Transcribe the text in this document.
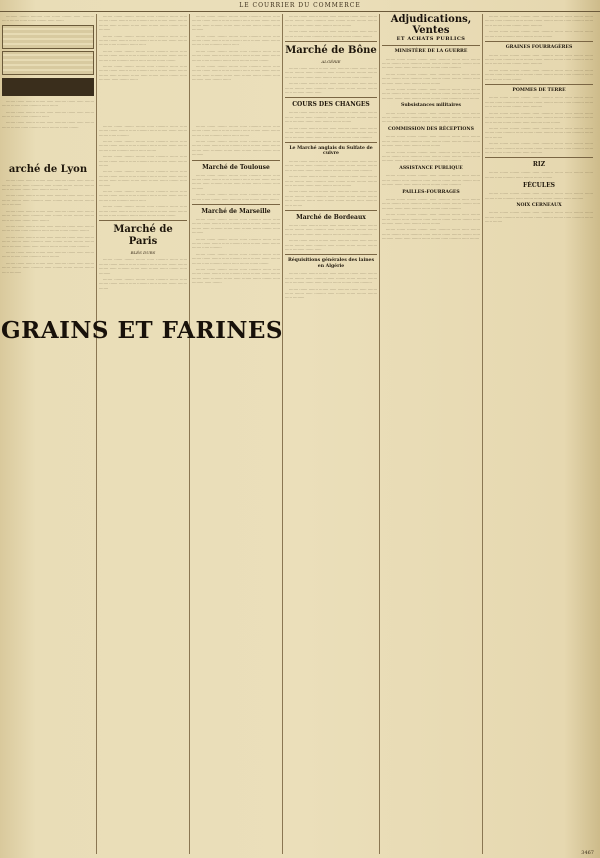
LE COURRIER DU COMMERCE

.......... ........ .......... ..... ....... ........ ...... .......... ...... ........ ...... ....... ........ ...... .......

........ ....... ........ ........ ...... .......... ....... ...... ........ ....... ........ ...... .......... ...... .......

........ ....... ........ ........ ...... .......... ....... ...... ........ ....... ........ ...... .......... ......

........ ....... ........ ........ ...... .......... ....... ...... ........ ....... ........ ...... .......... ...... ........ ....... ........

arché de Lyon

........ ....... ........ ........ ...... .......... ....... ...... ........ ....... ........ ...... .......... ...... ........ ....... ........ ........ ...... .......... ....... ...... ........ ....... ........

........ ....... ........ ........ ...... .......... ....... ...... ........ ....... ........ ...... .......... ...... ........ ....... ........ ........ ...... ..........

........ ....... ........ ........ ...... .......... ....... ...... ........ ....... ........ ...... .......... ...... ........ ....... ........ ........ ...... .......... ....... ...... ........

........ ....... ........ ........ ...... .......... ....... ...... ........ ....... ........ ...... .......... ...... ........ ....... ........ ........

........ ....... ........ ........ ...... .......... ....... ...... ........ ....... ........ ...... .......... ...... ........ ....... ........ ........ ...... .......... ....... ...... ........ ....... ........ ...... ..........

........ ....... ........ ........ ...... .......... ....... ...... ........ ....... ........ ...... .......... ...... ........

........ ....... ........ ........ ...... .......... ....... ...... ........ ....... ........ ...... .......... ...... ........ ....... ........ ........ ...... ..........

........ ....... ........ ........ ...... .......... ....... ...... ........ ....... ........ ...... .......... ...... ........ ....... ........ ........ ...... .......... ....... ...... ........ ....... ........ ...... ..........

........ ....... ........ ........ ...... .......... ....... ...... ........ ....... ........ ...... .......... ...... ........ ....... ........ ........ ...... .......... ....... ......

........ ....... ........ ........ ...... .......... ....... ...... ........ ....... ........ ...... .......... ...... ........ ....... ........ ........ ...... .......... ....... ...... ........ ....... ........

........ ....... ........ ........ ...... .......... ....... ...... ........ ....... ........ ...... .......... ...... ........ ....... ........ ........ ...... .......... ....... ...... ........ ....... ........ ...... .......... ...... ........ .......

........ ....... ........ ........ ...... .......... ....... ...... ........ ....... ........ ...... .......... ...... ........ ....... ........ ........ ...... ..........

........ ....... ........ ........ ...... .......... ....... ...... ........ ....... ........ ...... .......... ...... ........ ....... ........ ........ ...... .......... ....... ...... ........

........ ....... ........ ........ ...... .......... ....... ...... ........ ....... ........ ...... .......... ...... ........ ....... ........ ........

........ ....... ........ ........ ...... .......... ....... ...... ........ ....... ........ ...... .......... ...... ........ ....... ........ ........ ...... .......... ....... ...... ........ ....... ........ ...... ..........

........ ....... ........ ........ ...... .......... ....... ...... ........ ....... ........ ...... .......... ...... ........ ....... ........ ........ ...... .......... ....... ......

........ ....... ........ ........ ...... .......... ....... ...... ........ ....... ........ ...... .......... ...... ........ ....... ........ ........ ...... .......... ....... ...... ........ ....... ........

Marché de Paris
BLÉS DURS

........ ....... ........ ........ ...... .......... ....... ...... ........ ....... ........ ...... .......... ...... ........ ....... ........ ........ ...... .......... ....... ...... ........ ....... ........ ...... ..........

........ ....... ........ ........ ...... .......... ....... ...... ........ ....... ........ ...... .......... ...... ........ ....... ........ ........

........ ....... ........ ........ ...... .......... ....... ...... ........ ....... ........ ...... .......... ...... ........ ....... ........ ........ ...... .......... ....... ...... ........ ....... ........ ...... ..........

........ ....... ........ ........ ...... .......... ....... ...... ........ ....... ........ ...... .......... ...... ........ ....... ........ ........ ...... .......... ....... ......

........ ....... ........ ........ ...... .......... ....... ...... ........ ....... ........ ...... .......... ...... ........ ....... ........ ........ ...... .......... ....... ...... ........ ....... ........

........ ....... ........ ........ ...... .......... ....... ...... ........ ....... ........ ...... .......... ...... ........ ....... ........ ........ ...... .......... ....... ...... ........ ....... ........ ...... .......... ...... ........ .......

........ ....... ........ ........ ...... .......... ....... ...... ........ ....... ........ ...... .......... ...... ........ ....... ........ ........ ...... .......... ....... ...... ........

........ ....... ........ ........ ...... .......... ....... ...... ........ ....... ........ ...... .......... ...... ........ ....... ........ ........ ...... .......... ....... ...... ........ ....... ........ ...... ..........

Marché de Toulouse

........ ....... ........ ........ ...... .......... ....... ...... ........ ....... ........ ...... .......... ...... ........ ....... ........ ........ ...... .......... ....... ...... ........ ....... ........ ...... ..........

........ ....... ........ ........ ...... .......... ....... ...... ........ ....... ........ ...... .......... ...... ........ ....... ........

Marché de Marseille

........ ....... ........ ........ ...... .......... ....... ...... ........ ....... ........ ...... .......... ...... ........ ....... ........ ........ ...... .......... ....... ...... ........ ....... ........ ...... ..........

........ ....... ........ ........ ...... .......... ....... ...... ........ ....... ........ ...... .......... ...... ........ ....... ........ ........ ...... ..........

........ ....... ........ ........ ...... .......... ....... ...... ........ ....... ........ ...... .......... ...... ........ ....... ........ ........ ...... .......... ....... ...... ........ ....... ........

........ ....... ........ ........ ...... .......... ....... ...... ........ ....... ........ ...... .......... ...... ........ ....... ........ ........ ...... .......... ....... ...... ........ ....... ........ ...... .......... ...... ........

........ ....... ........ ........ ...... .......... ....... ...... ........ ....... ........ ...... .......... ...... ........ ....... ........ ........ ...... .......... ....... ...... ........ ....... ........

........ ....... ........ ........ ...... .......... ....... ...... ........ ....... ........ ...... .......... ...... ........ ....... ........ ........

Marché de Bône
ALGÉRIE

........ ....... ........ ........ ...... .......... ....... ...... ........ ....... ........ ...... .......... ...... ........ ....... ........ ........ ...... .......... ....... ...... ........ ....... ........ ...... ..........

........ ....... ........ ........ ...... .......... ....... ...... ........ ....... ........ ...... .......... ...... ........ ....... ........ ........ ...... .......... ....... ......

COURS DES CHANGES

........ ....... ........ ........ ...... .......... ....... ...... ........ ....... ........ ...... .......... ...... ........ ....... ........ ........ ...... .......... ....... ...... ........ ....... ........

........ ....... ........ ........ ...... .......... ....... ...... ........ ....... ........ ...... .......... ...... ........ ....... ........ ........ ...... .......... ....... ...... ........ ....... ........ ...... ..........

Le Marché anglais du Sulfate de cuivre

........ ....... ........ ........ ...... .......... ....... ...... ........ ....... ........ ...... .......... ...... ........ ....... ........ ........ ...... .......... ....... ...... ........ ....... ........ ...... ..........

........ ....... ........ ........ ...... .......... ....... ...... ........ ....... ........ ...... .......... ...... ........ ....... ........ ........ ...... .......... ....... ...... ........ ....... ........

........ ....... ........ ........ ...... .......... ....... ...... ........ ....... ........ ...... .......... ...... ........ ....... ........ ........ ...... .......... ....... ...... ........ ....... ........ ...... .......... ...... ........

Marché de Bordeaux

........ ....... ........ ........ ...... .......... ....... ...... ........ ....... ........ ...... .......... ...... ........ ....... ........ ........ ...... .......... ....... ...... ........ ....... ........ ...... ..........

........ ....... ........ ........ ...... .......... ....... ...... ........ ....... ........ ...... .......... ...... ........ ....... ........ ........ ...... .......... ....... ......

Réquisitions générales des laines en Algérie

........ ....... ........ ........ ...... .......... ....... ...... ........ ....... ........ ...... .......... ...... ........ ....... ........ ........ ...... .......... ....... ...... ........ ....... ........ ...... ..........

........ ....... ........ ........ ...... .......... ....... ...... ........ ....... ........ ...... .......... ...... ........ ....... ........ ........ ...... ..........

Adjudications, Ventes
ET ACHATS PUBLICS
MINISTÈRE DE LA GUERRE

........ ....... ........ ........ ...... .......... ....... ...... ........ ....... ........ ...... .......... ...... ........ ....... ........ ........ ...... .......... ....... ...... ........ ....... ........ ...... ..........

........ ....... ........ ........ ...... .......... ....... ...... ........ ....... ........ ...... .......... ...... ........ ....... ........ ........ ...... .......... ....... ...... ........ ....... ........

........ ....... ........ ........ ...... .......... ....... ...... ........ ....... ........ ...... .......... ...... ........ ....... ........ ........ ...... .......... ....... ...... ........ ....... ........ ...... .......... ...... ........

Subsistances militaires

........ ....... ........ ........ ...... .......... ....... ...... ........ ....... ........ ...... .......... ...... ........ ....... ........ ........ ...... .......... ....... ...... ........ ....... ........ ...... ..........

COMMISSION DES RÉCEPTIONS

........ ....... ........ ........ ...... .......... ....... ...... ........ ....... ........ ...... .......... ...... ........ ....... ........ ........ ...... .......... ....... ...... ........ ....... ........

........ ....... ........ ........ ...... .......... ....... ...... ........ ....... ........ ...... .......... ...... ........ ....... ........ ........ ...... .......... ....... ...... ........ ....... ........ ...... ..........

ASSISTANCE PUBLIQUE

........ ....... ........ ........ ...... .......... ....... ...... ........ ....... ........ ...... .......... ...... ........ ....... ........ ........ ...... .......... ....... ...... ........ ....... ........ ...... ..........

PAILLES-FOURRAGES

........ ....... ........ ........ ...... .......... ....... ...... ........ ....... ........ ...... .......... ...... ........ ....... ........ ........ ...... .......... ....... ...... ........ ....... ........ ...... ..........

........ ....... ........ ........ ...... .......... ....... ...... ........ ....... ........ ...... .......... ...... ........ ....... ........ ........ ...... .......... ....... ...... ........ ....... ........

........ ....... ........ ........ ...... .......... ....... ...... ........ ....... ........ ...... .......... ...... ........ ....... ........ ........ ...... .......... ....... ...... ........ ....... ........ ...... .......... ...... ........

........ ....... ........ ........ ...... .......... ....... ...... ........ ....... ........ ...... .......... ...... ........ ....... ........ ........ ...... .......... ....... ...... ........ ....... ........ ...... ..........

........ ....... ........ ........ ...... .......... ....... ...... ........ ....... ........ ...... .......... ...... ........ ....... ........

GRAINES FOURRAGÈRES

........ ....... ........ ........ ...... .......... ....... ...... ........ ....... ........ ...... .......... ...... ........ ....... ........ ........ ...... .......... ....... ...... ........ ....... ........ ...... ..........

........ ....... ........ ........ ...... .......... ....... ...... ........ ....... ........ ...... .......... ...... ........ ....... ........ ........ ...... .......... ....... ...... ........ ....... ........

POMMES DE TERRE

........ ....... ........ ........ ...... .......... ....... ...... ........ ....... ........ ...... .......... ...... ........ ....... ........ ........ ...... .......... ....... ...... ........ ....... ........ ...... ..........

........ ....... ........ ........ ...... .......... ....... ...... ........ ....... ........ ...... .......... ...... ........ ....... ........ ........ ...... .......... ....... ...... ........ ....... ........ ...... .......... ...... ........

........ ....... ........ ........ ...... .......... ....... ...... ........ ....... ........ ...... .......... ...... ........ ....... ........ ........ ...... .......... ....... ...... ........

........ ....... ........ ........ ...... .......... ....... ...... ........ ....... ........ ...... .......... ...... ........ ....... ........ ........ ...... .......... ....... ...... ........ ....... ........ ...... ..........

RIZ

........ ....... ........ ........ ...... .......... ....... ...... ........ ....... ........ ...... .......... ...... ........ ....... ........

FÉCULES

........ ....... ........ ........ ...... .......... ....... ...... ........ ....... ........ ...... .......... ...... ........ ....... ........ ........ ...... ..........

NOIX CERNEAUX

........ ....... ........ ........ ...... .......... ....... ...... ........ ....... ........ ...... .......... ...... ........ ....... ........ ........ ...... .......... ....... ...... ........

GRAINS ET FARINES
3467
